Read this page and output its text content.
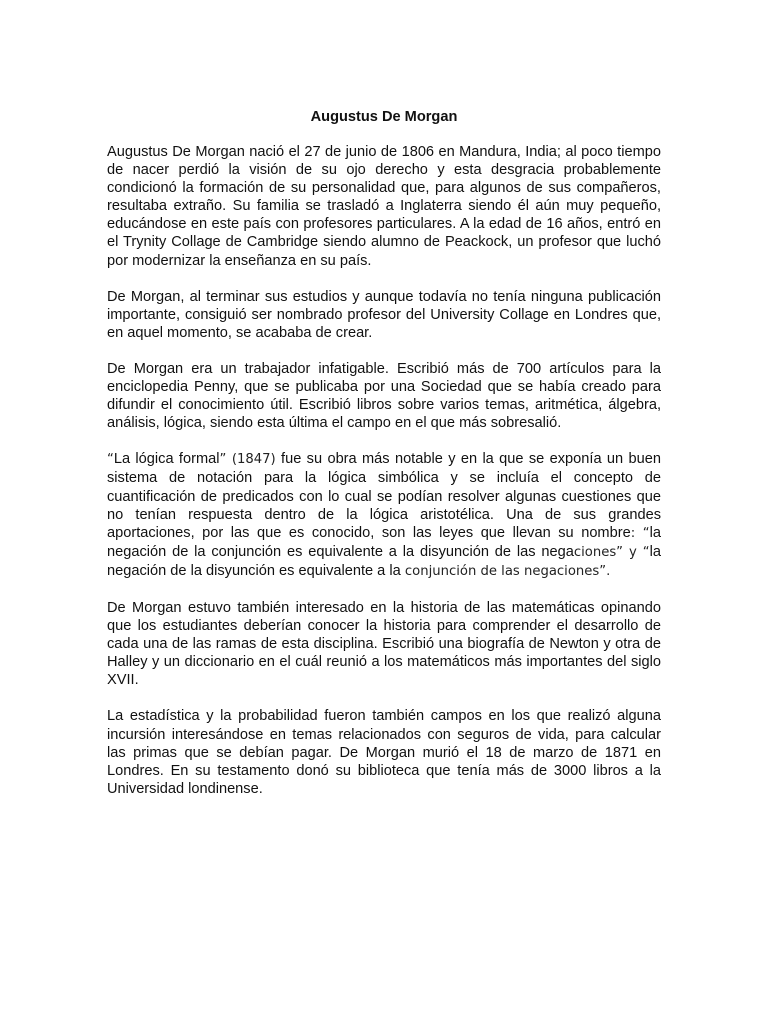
Augustus De Morgan

Augustus De Morgan nació el 27 de junio de 1806 en Mandura, India; al poco tiempo de nacer perdió la visión de su ojo derecho y esta desgracia probablemente condicionó la formación de su personalidad que, para algunos de sus compañeros, resultaba extraño. Su familia se trasladó a Inglaterra siendo él aún muy pequeño, educándose en este país con profesores particulares. A la edad de 16 años, entró en el Trynity Collage de Cambridge siendo alumno de Peackock, un profesor que luchó por modernizar la enseñanza en su país.

De Morgan, al terminar sus estudios y aunque todavía no tenía ninguna publicación importante, consiguió ser nombrado profesor del University Collage en Londres que, en aquel momento, se acababa de crear.

De Morgan era un trabajador infatigable. Escribió más de 700 artículos para la enciclopedia Penny, que se publicaba por una Sociedad que se había creado para difundir el conocimiento útil. Escribió libros sobre varios temas, aritmética, álgebra, análisis, lógica, siendo esta última el campo en el que más sobresalió.

“La lógica formal” (1847) fue su obra más notable y en la que se exponía un buen sistema de notación para la lógica simbólica y se incluía el concepto de cuantificación de predicados con lo cual se podían resolver algunas cuestiones que no tenían respuesta dentro de la lógica aristotélica. Una de sus grandes aportaciones, por las que es conocido, son las leyes que llevan su nombre: “la negación de la conjunción es equivalente a la disyunción de las negaciones” y “la negación de la disyunción es equivalente a la conjunción de las negaciones”.

De Morgan estuvo también interesado en la historia de las matemáticas opinando que los estudiantes deberían conocer la historia para comprender el desarrollo de cada una de las ramas de esta disciplina. Escribió una biografía de Newton y otra de Halley y un diccionario en el cuál reunió a los matemáticos más importantes del siglo XVII.

La estadística y la probabilidad fueron también campos en los que realizó alguna incursión interesándose en temas relacionados con seguros de vida, para calcular las primas que se debían pagar. De Morgan murió el 18 de marzo de 1871 en Londres. En su testamento donó su biblioteca que tenía más de 3000 libros a la Universidad londinense.
